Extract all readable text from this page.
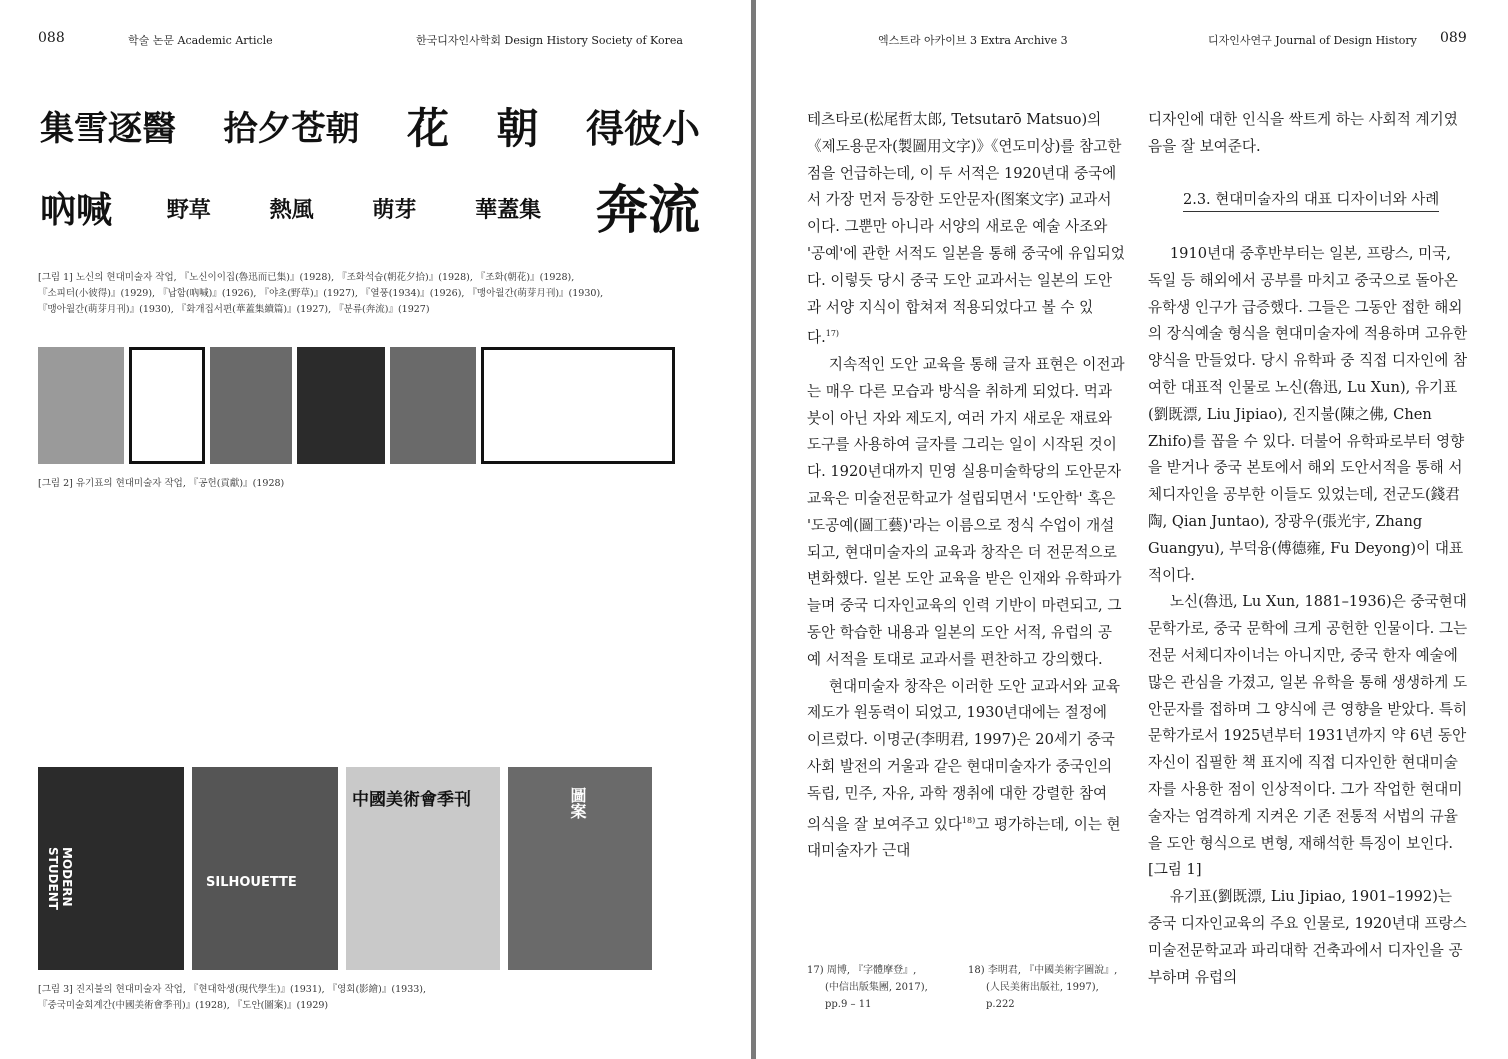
088	학술 논문 Academic Article	한국디자인사학회 Design History Society of Korea
集雪逐醫 拾夕苍朝 花 朝 得彼小
吶喊 野草	熱風	萌芽	華蓋集 奔流
[그림 1] 노신의 현대미술자 작업, 『노신이이집(魯迅而已集)』(1928), 『조화석습(朝花夕拾)』(1928), 『조화(朝花)』(1928),
『소피터(小彼得)』(1929), 『납함(吶喊)』(1926), 『야초(野草)』(1927), 『열풍(1934)』(1926), 『맹아월간(萌芽月刊)』(1930),
『맹아월간(萌芽月刊)』(1930), 『화개집서편(華蓋集續篇)』(1927), 『분류(奔流)』(1927)
[그림 2] 유기표의 현대미술자 작업, 『공헌(貢獻)』(1928)
MODERN STUDENT	SILHOUETTE
中國美術會季刊	圖案
[그림 3] 진지불의 현대미술자 작업, 『현대학생(現代學生)』(1931), 『영회(影繪)』(1933),
『중국미술회계간(中國美術會季刊)』(1928), 『도안(圖案)』(1929)
엑스트라 아카이브 3 Extra Archive 3	디자인사연구 Journal of Design History 089

테츠타로(松尾哲太郎, Tetsutarō Matsuo)의 《제도용문자(製圖用文字)》《연도미상)를 참고한 점을 언급하는데, 이 두 서적은 1920년대 중국에서 가장 먼저 등장한 도안문자(图案文字) 교과서이다. 그뿐만 아니라 서양의 새로운 예술 사조와 '공예'에 관한 서적도 일본을 통해 중국에 유입되었다. 이렇듯 당시 중국 도안 교과서는 일본의 도안과 서양 지식이 합쳐져 적용되었다고 볼 수 있다.$^{17)}$

지속적인 도안 교육을 통해 글자 표현은 이전과는 매우 다른 모습과 방식을 취하게 되었다. 먹과 붓이 아닌 자와 제도지, 여러 가지 새로운 재료와 도구를 사용하여 글자를 그리는 일이 시작된 것이다. 1920년대까지 민영 실용미술학당의 도안문자 교육은 미술전문학교가 설립되면서 '도안학' 혹은 '도공예(圖工藝)'라는 이름으로 정식 수업이 개설되고, 현대미술자의 교육과 창작은 더 전문적으로 변화했다. 일본 도안 교육을 받은 인재와 유학파가 늘며 중국 디자인교육의 인력 기반이 마련되고, 그동안 학습한 내용과 일본의 도안 서적, 유럽의 공예 서적을 토대로 교과서를 편찬하고 강의했다.

현대미술자 창작은 이러한 도안 교과서와 교육 제도가 원동력이 되었고, 1930년대에는 절정에 이르렀다. 이명군(李明君, 1997)은 20세기 중국 사회 발전의 거울과 같은 현대미술자가 중국인의 독립, 민주, 자유, 과학 쟁취에 대한 강렬한 참여 의식을 잘 보여주고 있다$^{18)}$고 평가하는데, 이는 현대미술자가 근대

디자인에 대한 인식을 싹트게 하는 사회적 계기였음을 잘 보여준다.

2.3. 현대미술자의 대표 디자이너와 사례

1910년대 중후반부터는 일본, 프랑스, 미국, 독일 등 해외에서 공부를 마치고 중국으로 돌아온 유학생 인구가 급증했다. 그들은 그동안 접한 해외의 장식예술 형식을 현대미술자에 적용하며 고유한 양식을 만들었다. 당시 유학파 중 직접 디자인에 참여한 대표적 인물로 노신(魯迅, Lu Xun), 유기표(劉既漂, Liu Jipiao), 진지불(陳之佛, Chen Zhifo)를 꼽을 수 있다. 더불어 유학파로부터 영향을 받거나 중국 본토에서 해외 도안서적을 통해 서체디자인을 공부한 이들도 있었는데, 전군도(錢君陶, Qian Juntao), 장광우(張光宇, Zhang Guangyu), 부덕융(傅德雍, Fu Deyong)이 대표적이다.

노신(魯迅, Lu Xun, 1881–1936)은 중국현대문학가로, 중국 문학에 크게 공헌한 인물이다. 그는 전문 서체디자이너는 아니지만, 중국 한자 예술에 많은 관심을 가졌고, 일본 유학을 통해 생생하게 도안문자를 접하며 그 양식에 큰 영향을 받았다. 특히 문학가로서 1925년부터 1931년까지 약 6년 동안 자신이 집필한 책 표지에 직접 디자인한 현대미술자를 사용한 점이 인상적이다. 그가 작업한 현대미술자는 엄격하게 지켜온 기존 전통적 서법의 규율을 도안 형식으로 변형, 재해석한 특징이 보인다. [그림 1]

유기표(劉既漂, Liu Jipiao, 1901–1992)는 중국 디자인교육의 주요 인물로, 1920년대 프랑스 미술전문학교과 파리대학 건축과에서 디자인을 공부하며 유럽의

17) 周博, 『字體摩登』,
(中信出版集團, 2017),
pp.9 – 11
18) 李明君, 『中國美術字圖說』,
(人民美術出版社, 1997),
p.222
